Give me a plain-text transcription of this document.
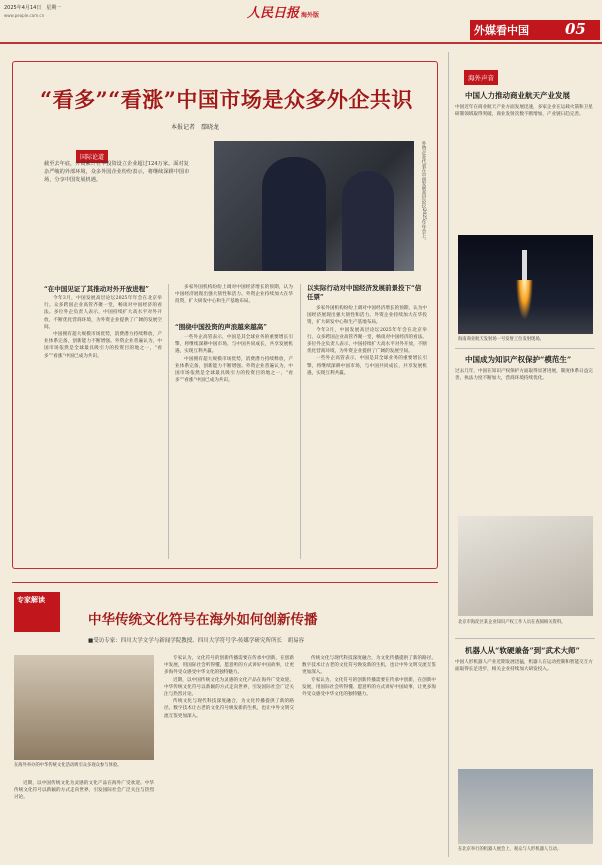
2025年4月14日　星期一
www.people.com.cn	人民日报 海外版
外媒看中国 05
“看多”“看涨”中国市场是众多外企共识
本报记者　鄢晓龙
国际论道
截至去年底，外商累计在华投资设立企业超过124万家。面对复杂严峻的外部环境，众多外国企业纷纷表示，将继续深耕中国市场，分享中国发展机遇。	外资企业代表在中国发展高层论坛2025年年会上。
“在中国见证了其推动对外开放进程”

今年3月，中国发展高层论坛2025年年会在北京举行。众多跨国企业高管齐聚一堂，畅谈对中国经济的看法。多位外企负责人表示，中国持续扩大高水平对外开放，不断优化营商环境，为外资企业提供了广阔的发展空间。

中国拥有超大规模市场优势，消费潜力持续释放，产业体系完备，创新能力不断增强。外资企业普遍认为，中国市场依然是全球最具吸引力的投资目的地之一，“看多”“看涨”中国已成为共识。

多家外国机构纷纷上调对中国经济增长的预期，认为中国经济展现出强大韧性和活力。外资企业持续加大在华投资，扩大研发中心和生产基地布局。

“围绕中国投资的声浪越来越高”

一些外企高管表示，中国是其全球业务的重要增长引擎，将继续深耕中国市场，与中国共同成长，共享发展机遇，实现互利共赢。

中国拥有超大规模市场优势，消费潜力持续释放，产业体系完备，创新能力不断增强。外资企业普遍认为，中国市场依然是全球最具吸引力的投资目的地之一，“看多”“看涨”中国已成为共识。

以实际行动对中国经济发展前景投下“信任票”

多家外国机构纷纷上调对中国经济增长的预期，认为中国经济展现出强大韧性和活力。外资企业持续加大在华投资，扩大研发中心和生产基地布局。

今年3月，中国发展高层论坛2025年年会在北京举行。众多跨国企业高管齐聚一堂，畅谈对中国经济的看法。多位外企负责人表示，中国持续扩大高水平对外开放，不断优化营商环境，为外资企业提供了广阔的发展空间。

一些外企高管表示，中国是其全球业务的重要增长引擎，将继续深耕中国市场，与中国共同成长，共享发展机遇，实现互利共赢。

海外声音
中国人力推动商业航天产业发展

中国近年在商业航天产业方面发展迅速，多家企业在运载火箭和卫星研制领域取得突破，商业发射次数不断增加，产业链日趋完善。

海南商业航天发射场一号发射工位发射现场。
中国成为知识产权保护“模范生”

过去几年，中国在知识产权保护方面取得显著进展，制度体系日益完善，执法力度不断加大，营商环境持续优化。

北京市海淀区某企业知识产权工作人员在查阅相关资料。
机器人从“软硬兼备”到“武术大师”

中国人形机器人产业近期发展迅猛，机器人在运动控制和智能交互方面取得长足进步，相关企业持续加大研发投入。

在北京举行的机器人展会上，观众与人形机器人互动。
专家解读
中华传统文化符号在海外如何创新传播
■受访专家：四川大学文学与新闻学院教授、四川大学符号学-传媒学研究所所长　胡易容
在海外举办的中华传统文化活动吸引众多观众参与体验。

近期，以中国传统文化为灵感的文化产品在海外广受欢迎。中华传统文化符号以新颖的方式走向世界，引发国际社会广泛关注与热烈讨论。

专家认为，文化符号的创新传播需要在传承中创新，在创新中发展，用国际社会听得懂、愿意听的方式讲好中国故事，让更多海外受众感受中华文化的独特魅力。

近期，以中国传统文化为灵感的文化产品在海外广受欢迎。中华传统文化符号以新颖的方式走向世界，引发国际社会广泛关注与热烈讨论。

传统文化与现代科技深度融合，为文化传播提供了新的路径。数字技术让古老的文化符号焕发新的生机，也让中外文明交流互鉴更加深入。

传统文化与现代科技深度融合，为文化传播提供了新的路径。数字技术让古老的文化符号焕发新的生机，也让中外文明交流互鉴更加深入。

专家认为，文化符号的创新传播需要在传承中创新，在创新中发展，用国际社会听得懂、愿意听的方式讲好中国故事，让更多海外受众感受中华文化的独特魅力。
